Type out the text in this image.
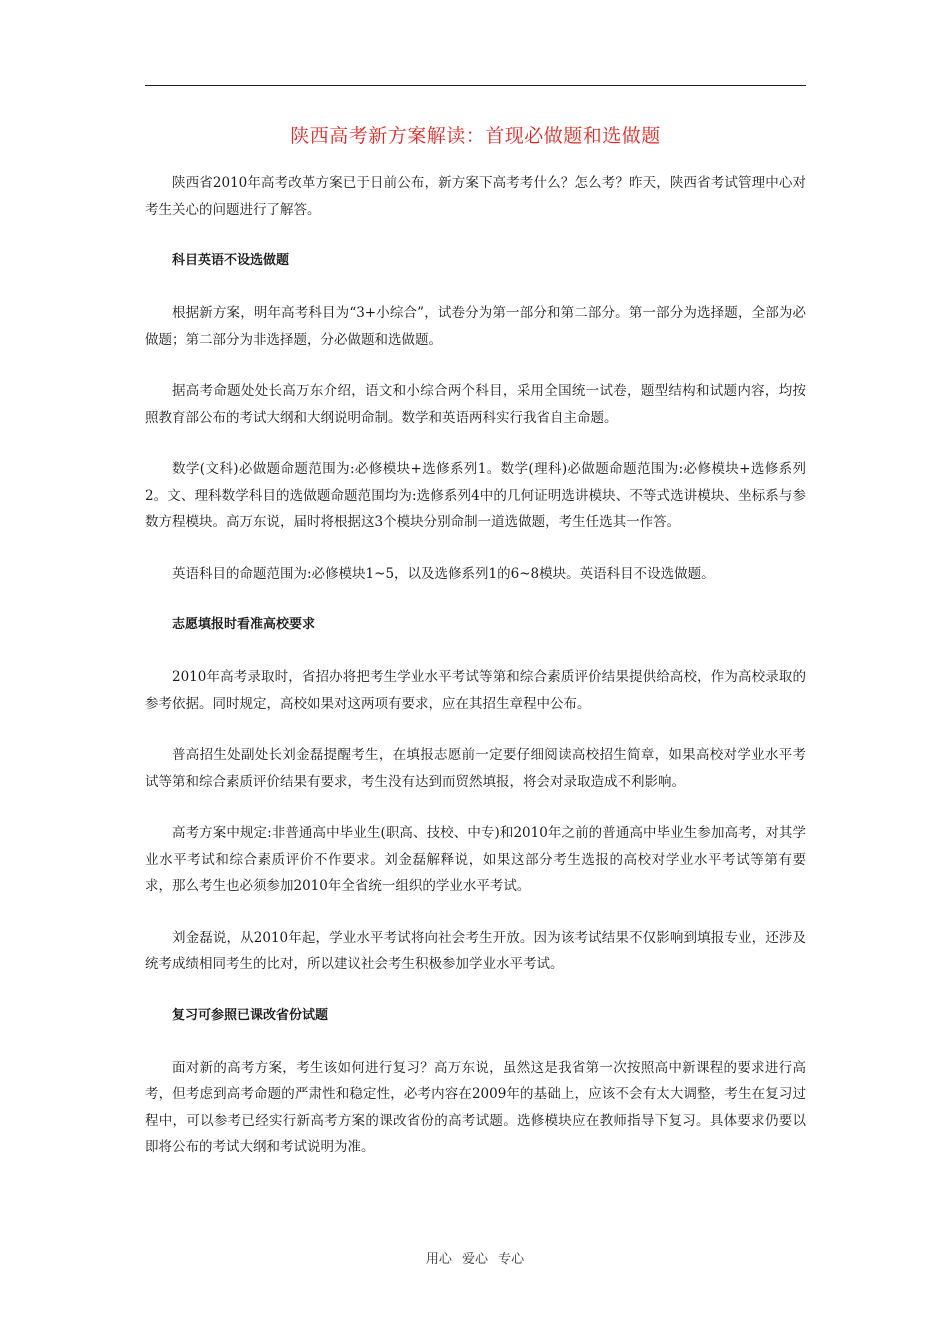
陕西高考新方案解读：首现必做题和选做题

陕西省2010年高考改革方案已于日前公布，新方案下高考考什么？怎么考？昨天，陕西省考试管理中心对考生关心的问题进行了解答。

科目英语不设选做题

根据新方案，明年高考科目为“3+小综合”，试卷分为第一部分和第二部分。第一部分为选择题，全部为必做题；第二部分为非选择题，分必做题和选做题。

据高考命题处处长高万东介绍，语文和小综合两个科目，采用全国统一试卷，题型结构和试题内容，均按照教育部公布的考试大纲和大纲说明命制。数学和英语两科实行我省自主命题。

数学(文科)必做题命题范围为:必修模块+选修系列1。数学(理科)必做题命题范围为:必修模块+选修系列2。文、理科数学科目的选做题命题范围均为:选修系列4中的几何证明选讲模块、不等式选讲模块、坐标系与参数方程模块。高万东说，届时将根据这3个模块分别命制一道选做题，考生任选其一作答。

英语科目的命题范围为:必修模块1~5，以及选修系列1的6~8模块。英语科目不设选做题。

志愿填报时看准高校要求

2010年高考录取时，省招办将把考生学业水平考试等第和综合素质评价结果提供给高校，作为高校录取的参考依据。同时规定，高校如果对这两项有要求，应在其招生章程中公布。

普高招生处副处长刘金磊提醒考生，在填报志愿前一定要仔细阅读高校招生简章，如果高校对学业水平考试等第和综合素质评价结果有要求，考生没有达到而贸然填报，将会对录取造成不利影响。

高考方案中规定:非普通高中毕业生(职高、技校、中专)和2010年之前的普通高中毕业生参加高考，对其学业水平考试和综合素质评价不作要求。刘金磊解释说，如果这部分考生选报的高校对学业水平考试等第有要求，那么考生也必须参加2010年全省统一组织的学业水平考试。

刘金磊说，从2010年起，学业水平考试将向社会考生开放。因为该考试结果不仅影响到填报专业，还涉及统考成绩相同考生的比对，所以建议社会考生积极参加学业水平考试。

复习可参照已课改省份试题

面对新的高考方案，考生该如何进行复习？高万东说，虽然这是我省第一次按照高中新课程的要求进行高考，但考虑到高考命题的严肃性和稳定性，必考内容在2009年的基础上，应该不会有太大调整，考生在复习过程中，可以参考已经实行新高考方案的课改省份的高考试题。选修模块应在教师指导下复习。具体要求仍要以即将公布的考试大纲和考试说明为准。

用心 爱心 专心
